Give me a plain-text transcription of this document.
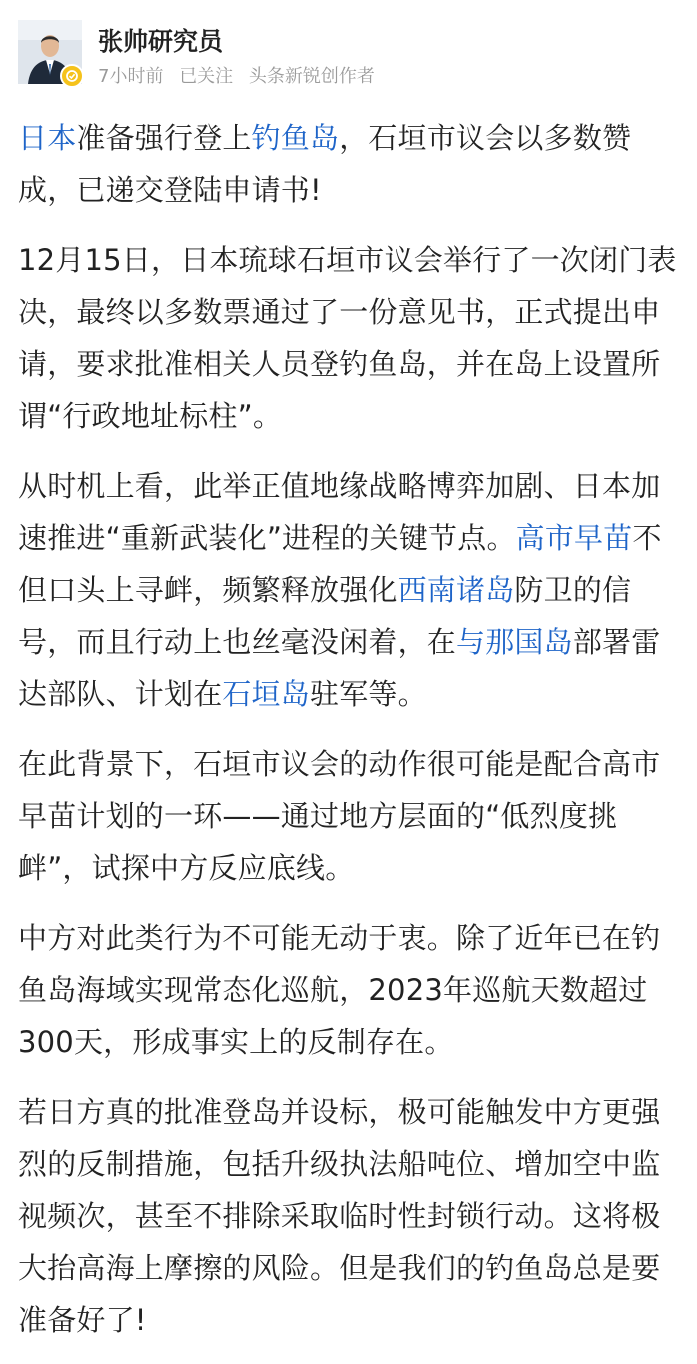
张帅研究员
7小时前 已关注 头条新锐创作者

日本准备强行登上钓鱼岛，石垣市议会以多数赞成，已递交登陆申请书!

12月15日，日本琉球石垣市议会举行了一次闭门表决，最终以多数票通过了一份意见书，正式提出申请，要求批准相关人员登钓鱼岛，并在岛上设置所谓“行政地址标柱”。

从时机上看，此举正值地缘战略博弈加剧、日本加速推进“重新武装化”进程的关键节点。高市早苗不但口头上寻衅，频繁释放强化西南诸岛防卫的信号，而且行动上也丝毫没闲着，在与那国岛部署雷达部队、计划在石垣岛驻军等。

在此背景下，石垣市议会的动作很可能是配合高市早苗计划的一环——通过地方层面的“低烈度挑衅”，试探中方反应底线。

中方对此类行为不可能无动于衷。除了近年已在钓鱼岛海域实现常态化巡航，2023年巡航天数超过300天，形成事实上的反制存在。

若日方真的批准登岛并设标，极可能触发中方更强烈的反制措施，包括升级执法船吨位、增加空中监视频次，甚至不排除采取临时性封锁行动。这将极大抬高海上摩擦的风险。但是我们的钓鱼岛总是要准备好了!
